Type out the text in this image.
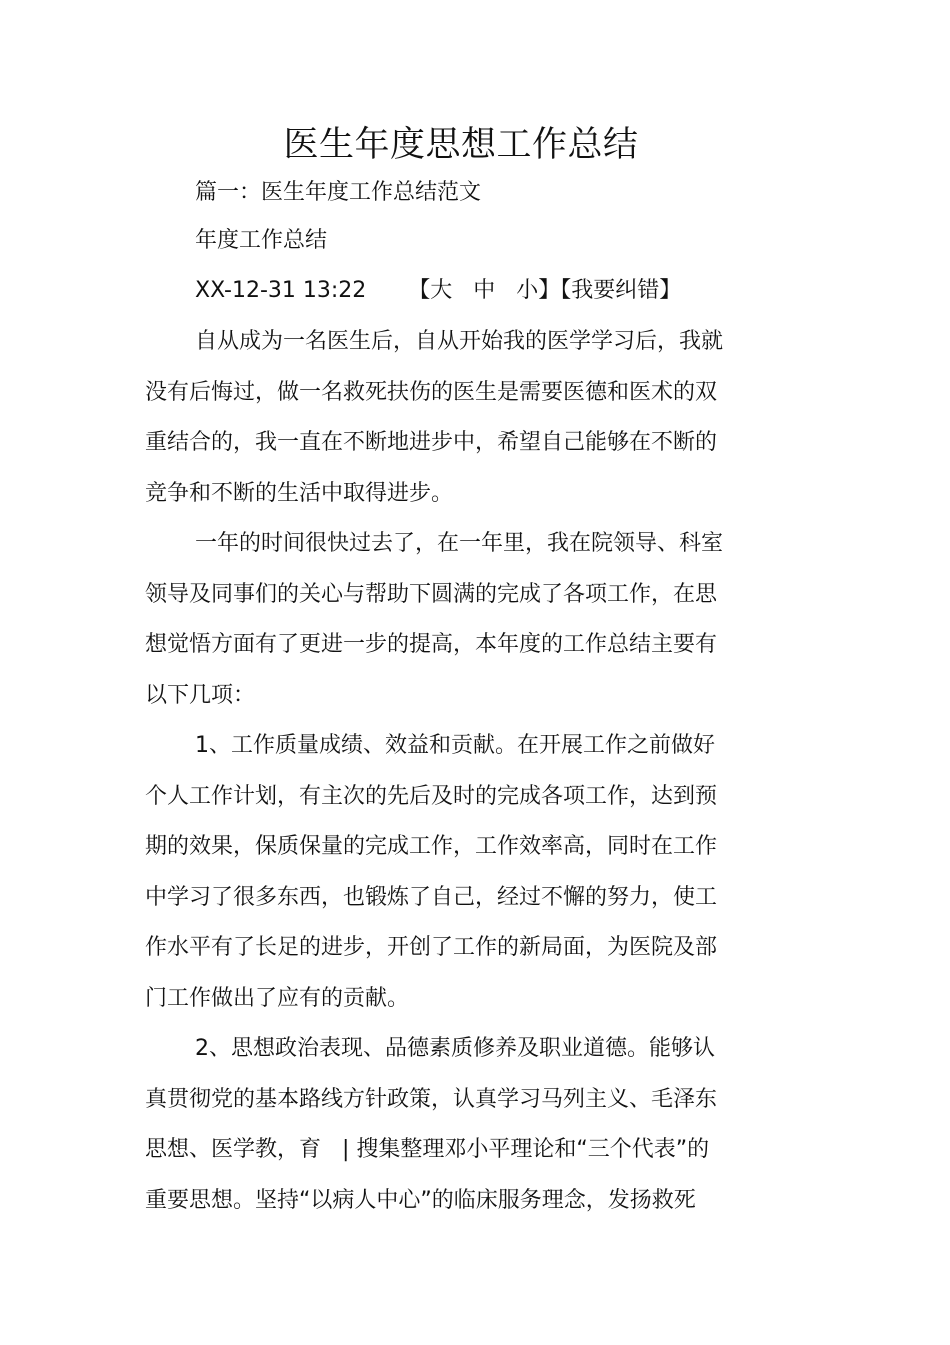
医生年度思想工作总结
篇一：医生年度工作总结范文
年度工作总结
XX-12-31 13:22      【大   中   小】【我要纠错】

自从成为一名医生后，自从开始我的医学学习后，我就
没有后悔过，做一名救死扶伤的医生是需要医德和医术的双
重结合的，我一直在不断地进步中，希望自己能够在不断的
竞争和不断的生活中取得进步。

一年的时间很快过去了，在一年里，我在院领导、科室
领导及同事们的关心与帮助下圆满的完成了各项工作，在思
想觉悟方面有了更进一步的提高，本年度的工作总结主要有
以下几项：

1、工作质量成绩、效益和贡献。在开展工作之前做好
个人工作计划，有主次的先后及时的完成各项工作，达到预
期的效果，保质保量的完成工作，工作效率高，同时在工作
中学习了很多东西，也锻炼了自己，经过不懈的努力，使工
作水平有了长足的进步，开创了工作的新局面，为医院及部
门工作做出了应有的贡献。

2、思想政治表现、品德素质修养及职业道德。能够认
真贯彻党的基本路线方针政策，认真学习马列主义、毛泽东
思想、医学教，育   | 搜集整理邓小平理论和“三个代表”的
重要思想。坚持“以病人中心”的临床服务理念，发扬救死
